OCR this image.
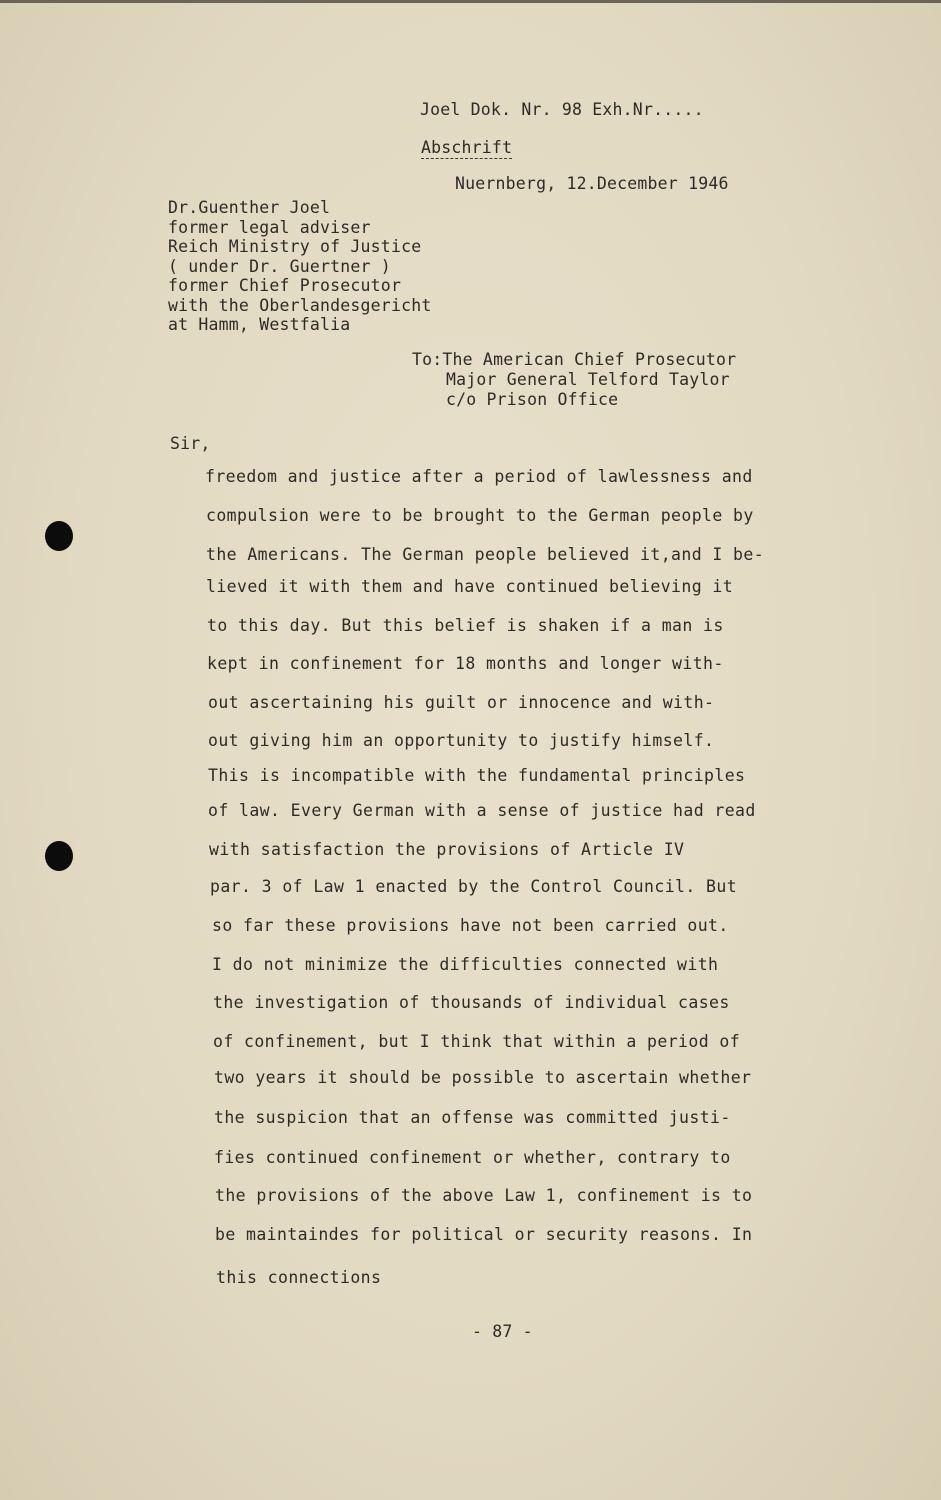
Joel Dok. Nr. 98 Exh.Nr.....
Abschrift
Nuernberg, 12.December 1946
Dr.Guenther Joel
former legal adviser
Reich Ministry of Justice
( under Dr. Guertner )
former Chief Prosecutor
with the Oberlandesgericht
at Hamm, Westfalia
To:The American Chief Prosecutor
Major General Telford Taylor
c/o Prison Office
Sir,
freedom and justice after a period of lawlessness and
compulsion were to be brought to the German people by
the Americans. The German people believed it,and I be-
lieved it with them and have continued believing it
to this day. But this belief is shaken if a man is
kept in confinement for 18 months and longer with-
out ascertaining his guilt or innocence and with-
out giving him an opportunity to justify himself.
This is incompatible with the fundamental principles
of law. Every German with a sense of justice had read
with satisfaction the provisions of Article IV
par. 3 of Law 1 enacted by the Control Council. But
so far these provisions have not been carried out.
I do not minimize the difficulties connected with
the investigation of thousands of individual cases
of confinement, but I think that within a period of
two years it should be possible to ascertain whether
the suspicion that an offense was committed justi-
fies continued confinement or whether, contrary to
the provisions of the above Law 1, confinement is to
be maintaindes for political or security reasons. In
this connections
- 87 -
